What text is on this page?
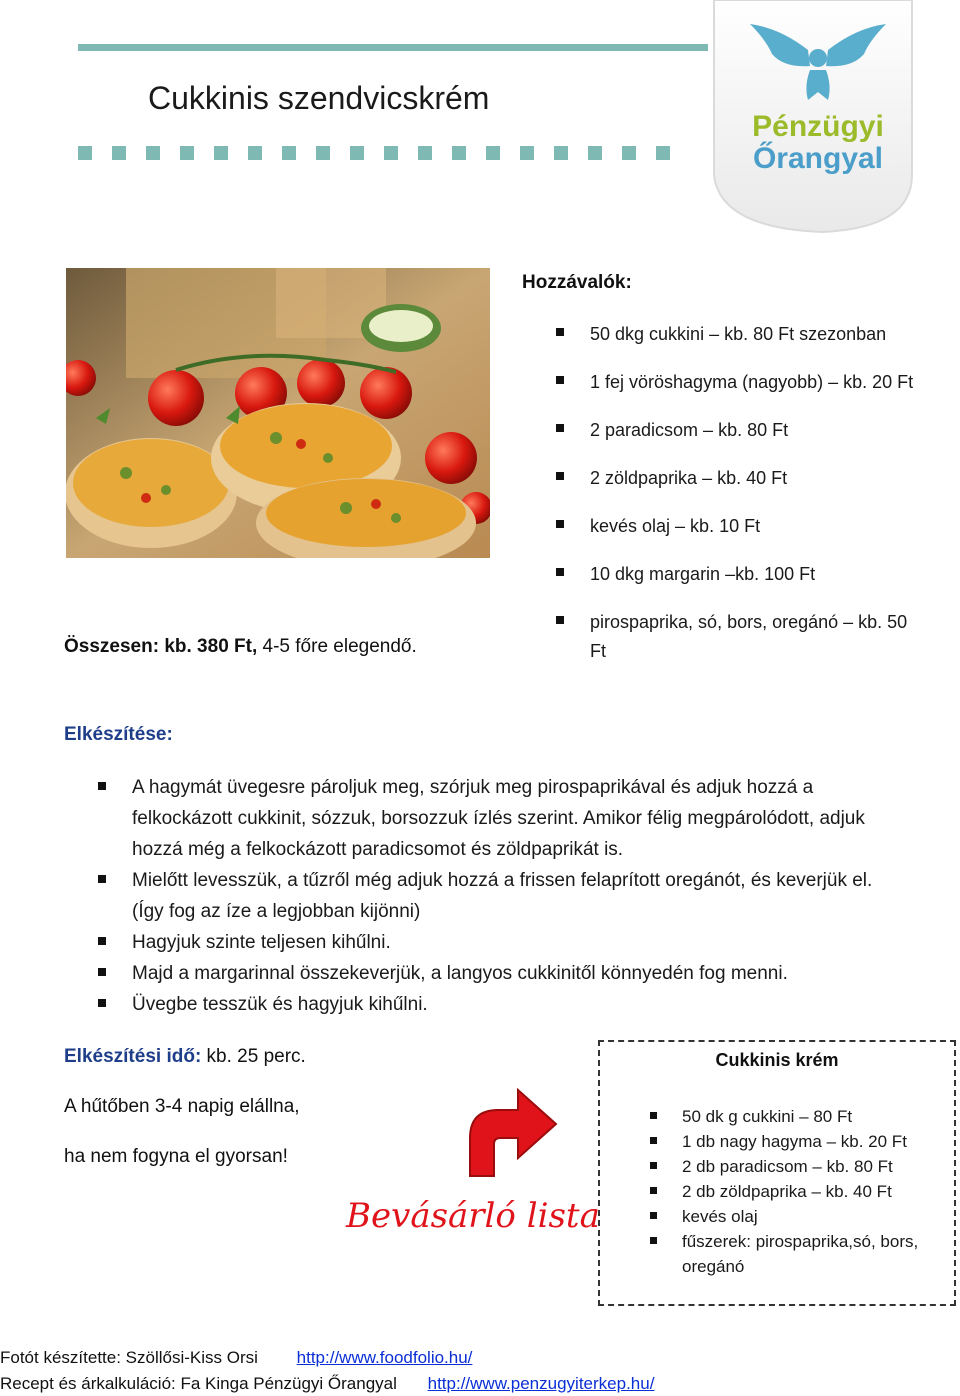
Cukkinis szendvicskrém
Pénzügyi
Őrangyal
Hozzávalók:
50 dkg cukkini – kb. 80 Ft szezonban
1 fej vöröshagyma (nagyobb) – kb. 20 Ft
2 paradicsom – kb. 80 Ft
2 zöldpaprika – kb. 40 Ft
kevés olaj – kb. 10 Ft
10 dkg margarin –kb. 100 Ft
pirospaprika, só, bors, oregánó – kb. 50 Ft
Összesen: kb. 380 Ft, 4-5 főre elegendő.
Elkészítése:
A hagymát üvegesre pároljuk meg, szórjuk meg pirospaprikával és adjuk hozzá a felkockázott cukkinit, sózzuk, borsozzuk ízlés szerint. Amikor félig megpárolódott, adjuk hozzá még a felkockázott paradicsomot és zöldpaprikát is.
Mielőtt levesszük, a tűzről még adjuk hozzá a frissen felaprított oregánót, és keverjük el. (Így fog az íze a legjobban kijönni)
Hagyjuk szinte teljesen kihűlni.
Majd a margarinnal összekeverjük, a langyos cukkinitől könnyedén fog menni.
Üvegbe tesszük és hagyjuk kihűlni.
Elkészítési idő: kb. 25 perc.
A hűtőben 3-4 napig elállna,
ha nem fogyna el gyorsan!
Bevásárló lista
Cukkinis krém
50 dk g cukkini – 80 Ft
1 db nagy hagyma – kb. 20 Ft
2 db paradicsom – kb. 80 Ft
2 db zöldpaprika – kb. 40 Ft
kevés olaj
fűszerek: pirospaprika,só, bors, oregánó
Fotót készítette: Szöllősi-Kiss Orsi http://www.foodfolio.hu/
Recept és árkalkuláció: Fa Kinga Pénzügyi Őrangyal http://www.penzugyiterkep.hu/
